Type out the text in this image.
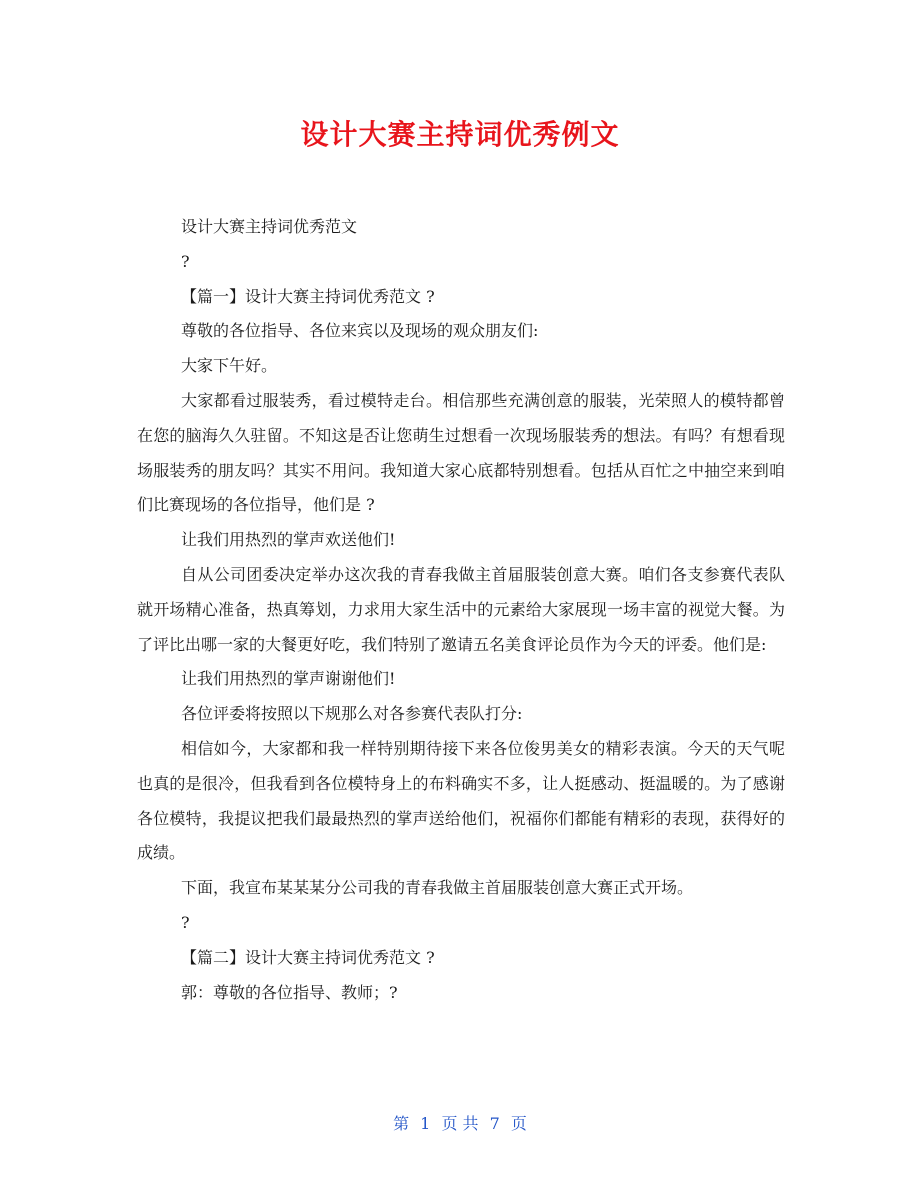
设计大赛主持词优秀例文

设计大赛主持词优秀范文

?

【篇一】设计大赛主持词优秀范文 ?

尊敬的各位指导、各位来宾以及现场的观众朋友们:

大家下午好。

大家都看过服装秀，看过模特走台。相信那些充满创意的服装，光荣照人的模特都曾在您的脑海久久驻留。不知这是否让您萌生过想看一次现场服装秀的想法。有吗？有想看现场服装秀的朋友吗？其实不用问。我知道大家心底都特别想看。包括从百忙之中抽空来到咱们比赛现场的各位指导，他们是 ?

让我们用热烈的掌声欢送他们!

自从公司团委决定举办这次我的青春我做主首届服装创意大赛。咱们各支参赛代表队就开场精心准备，热真筹划，力求用大家生活中的元素给大家展现一场丰富的视觉大餐。为了评比出哪一家的大餐更好吃，我们特别了邀请五名美食评论员作为今天的评委。他们是:

让我们用热烈的掌声谢谢他们!

各位评委将按照以下规那么对各参赛代表队打分:

相信如今，大家都和我一样特别期待接下来各位俊男美女的精彩表演。今天的天气呢也真的是很冷，但我看到各位模特身上的布料确实不多，让人挺感动、挺温暖的。为了感谢各位模特，我提议把我们最最热烈的掌声送给他们，祝福你们都能有精彩的表现，获得好的成绩。

下面，我宣布某某某分公司我的青春我做主首届服装创意大赛正式开场。

?

【篇二】设计大赛主持词优秀范文 ?

郭：尊敬的各位指导、教师；?

第 1 页 共 7 页
